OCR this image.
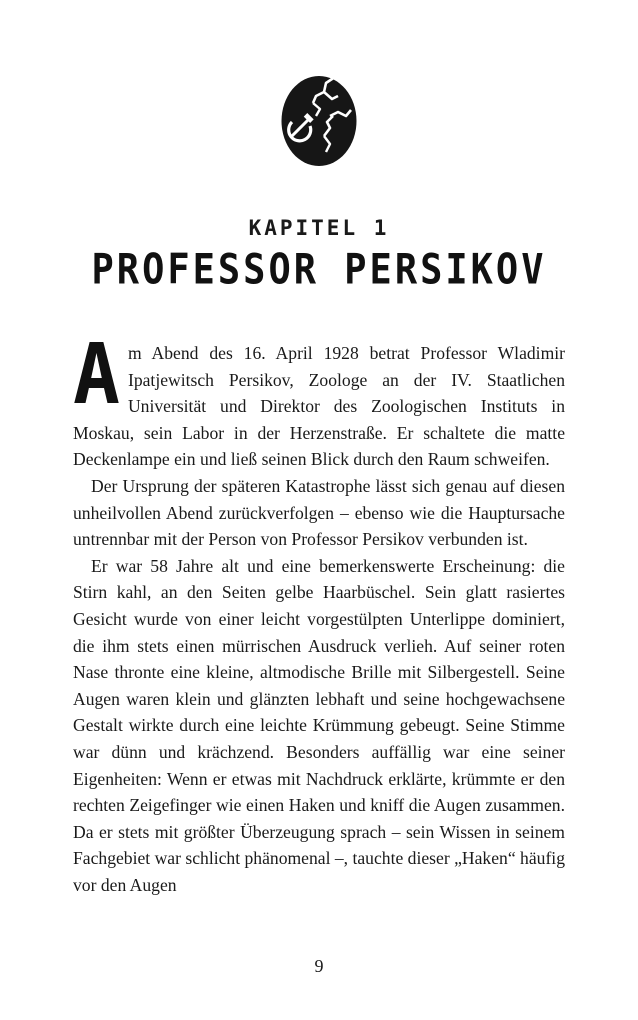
KAPITEL 1
PROFESSOR PERSIKOV

Am Abend des 16. April 1928 betrat Professor Wladimir Ipatjewitsch Persikov, Zoologe an der IV. Staatlichen Universität und Direktor des Zoologischen Instituts in Moskau, sein Labor in der Herzenstraße. Er schaltete die matte Deckenlampe ein und ließ seinen Blick durch den Raum schweifen.

Der Ursprung der späteren Katastrophe lässt sich genau auf diesen unheilvollen Abend zurückverfolgen – ebenso wie die Hauptursache untrennbar mit der Person von Professor Persikov verbunden ist.

Er war 58 Jahre alt und eine bemerkenswerte Erscheinung: die Stirn kahl, an den Seiten gelbe Haarbüschel. Sein glatt rasiertes Gesicht wurde von einer leicht vorgestülpten Unterlippe dominiert, die ihm stets einen mürrischen Ausdruck verlieh. Auf seiner roten Nase thronte eine kleine, altmodische Brille mit Silbergestell. Seine Augen waren klein und glänzten lebhaft und seine hochgewachsene Gestalt wirkte durch eine leichte Krümmung gebeugt. Seine Stimme war dünn und krächzend. Besonders auffällig war eine seiner Eigenheiten: Wenn er etwas mit Nachdruck erklärte, krümmte er den rechten Zeigefinger wie einen Haken und kniff die Augen zusammen. Da er stets mit größter Überzeugung sprach – sein Wissen in seinem Fachgebiet war schlicht phänomenal –, tauchte dieser „Haken“ häufig vor den Augen

9
